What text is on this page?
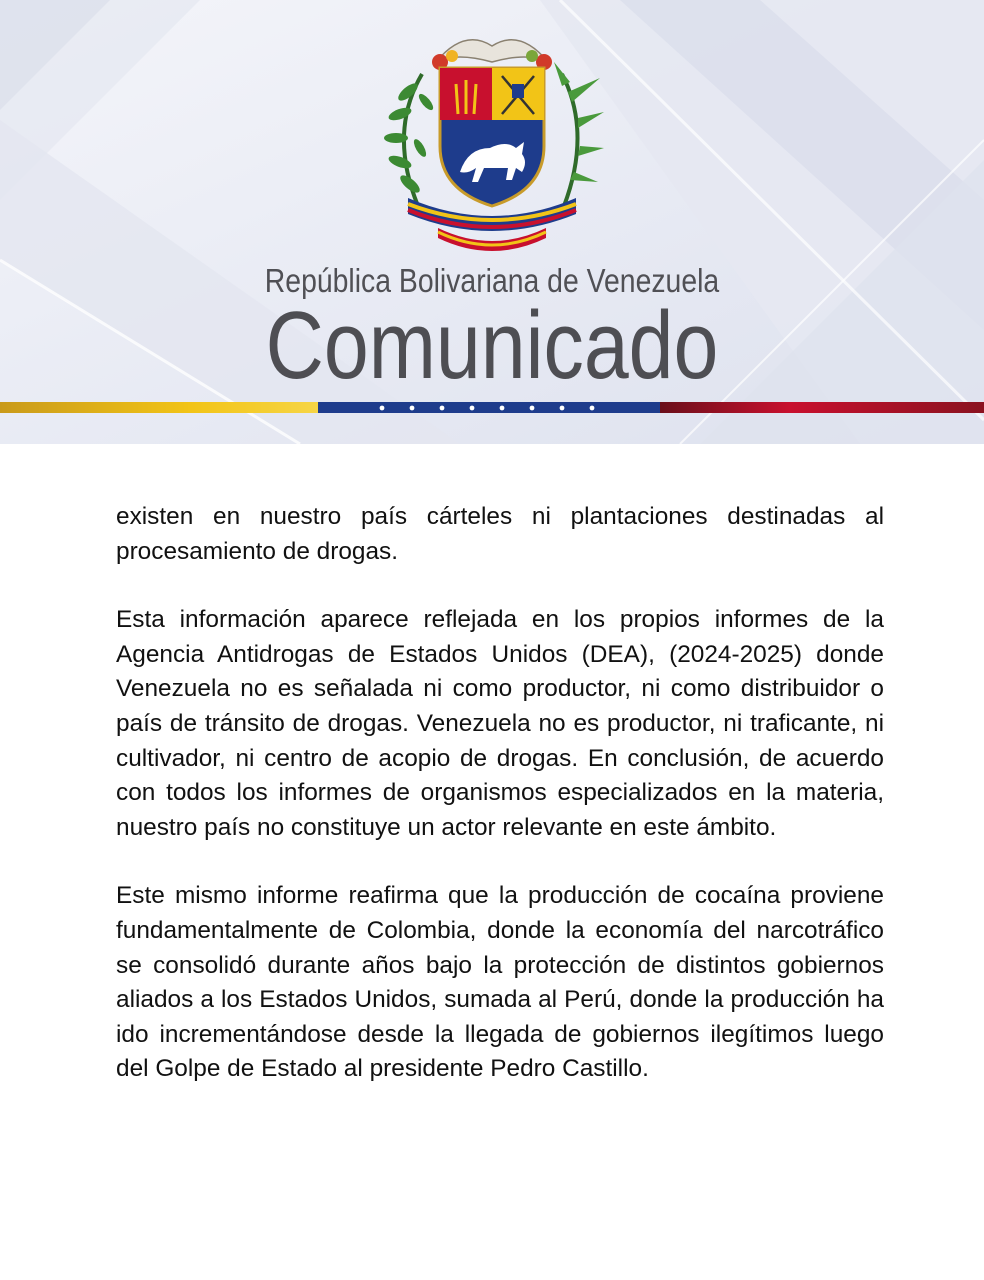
República Bolivariana de Venezuela
Comunicado

existen en nuestro país cárteles ni plantaciones destinadas al procesamiento de drogas.

Esta información aparece reflejada en los propios informes de la Agencia Antidrogas de Estados Unidos (DEA), (2024-2025) donde Venezuela no es señalada ni como productor, ni como distribuidor o país de tránsito de drogas. Venezuela no es productor, ni traficante, ni cultivador, ni centro de acopio de drogas. En conclusión, de acuerdo con todos los informes de organismos especializados en la materia, nuestro país no constituye un actor relevante en este ámbito.

Este mismo informe reafirma que la producción de cocaína proviene fundamentalmente de Colombia, donde la economía del narcotráfico se consolidó durante años bajo la protección de distintos gobiernos aliados a los Estados Unidos, sumada al Perú, donde la producción ha ido incrementándose desde la llegada de gobiernos ilegítimos luego del Golpe de Estado al presidente Pedro Castillo.
